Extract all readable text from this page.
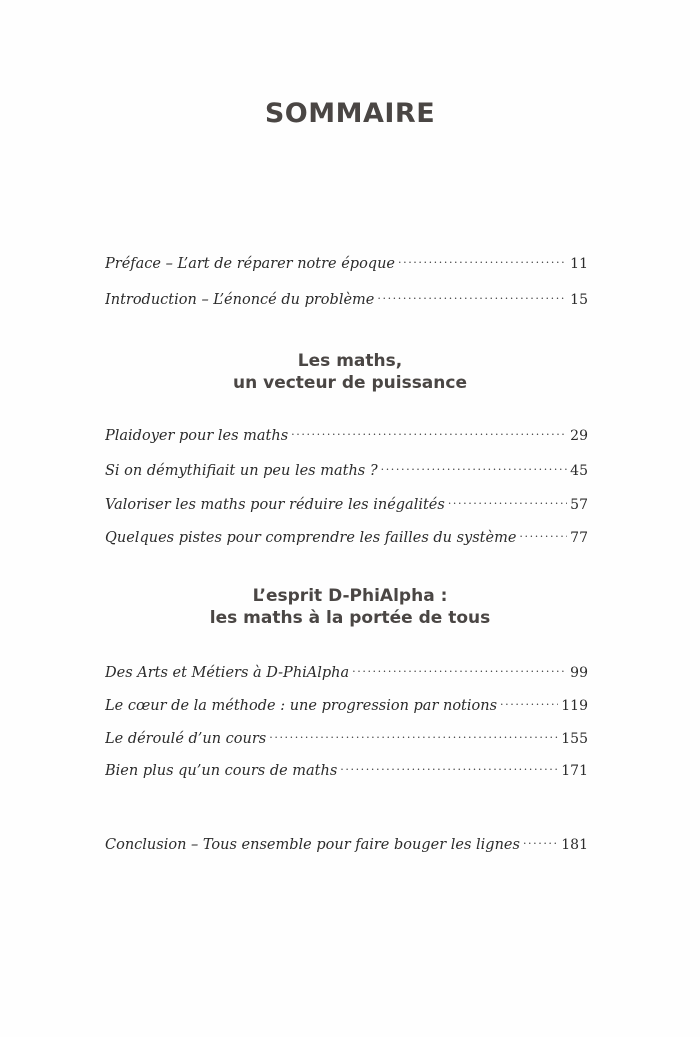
SOMMAIRE
Préface – L’art de réparer notre époque .....	11
Introduction – L’énoncé du problème .....	15
Les maths,
un vecteur de puissance
Plaidoyer pour les maths .....	29
Si on démythifiait un peu les maths ? .....	45
Valoriser les maths pour réduire les inégalités .....	57
Quelques pistes pour comprendre les failles du système .....	77
L’esprit D-PhiAlpha :
les maths à la portée de tous
Des Arts et Métiers à D-PhiAlpha .....	99
Le cœur de la méthode : une progression par notions .....	119
Le déroulé d’un cours .....	155
Bien plus qu’un cours de maths .....	171
Conclusion – Tous ensemble pour faire bouger les lignes .....	181
